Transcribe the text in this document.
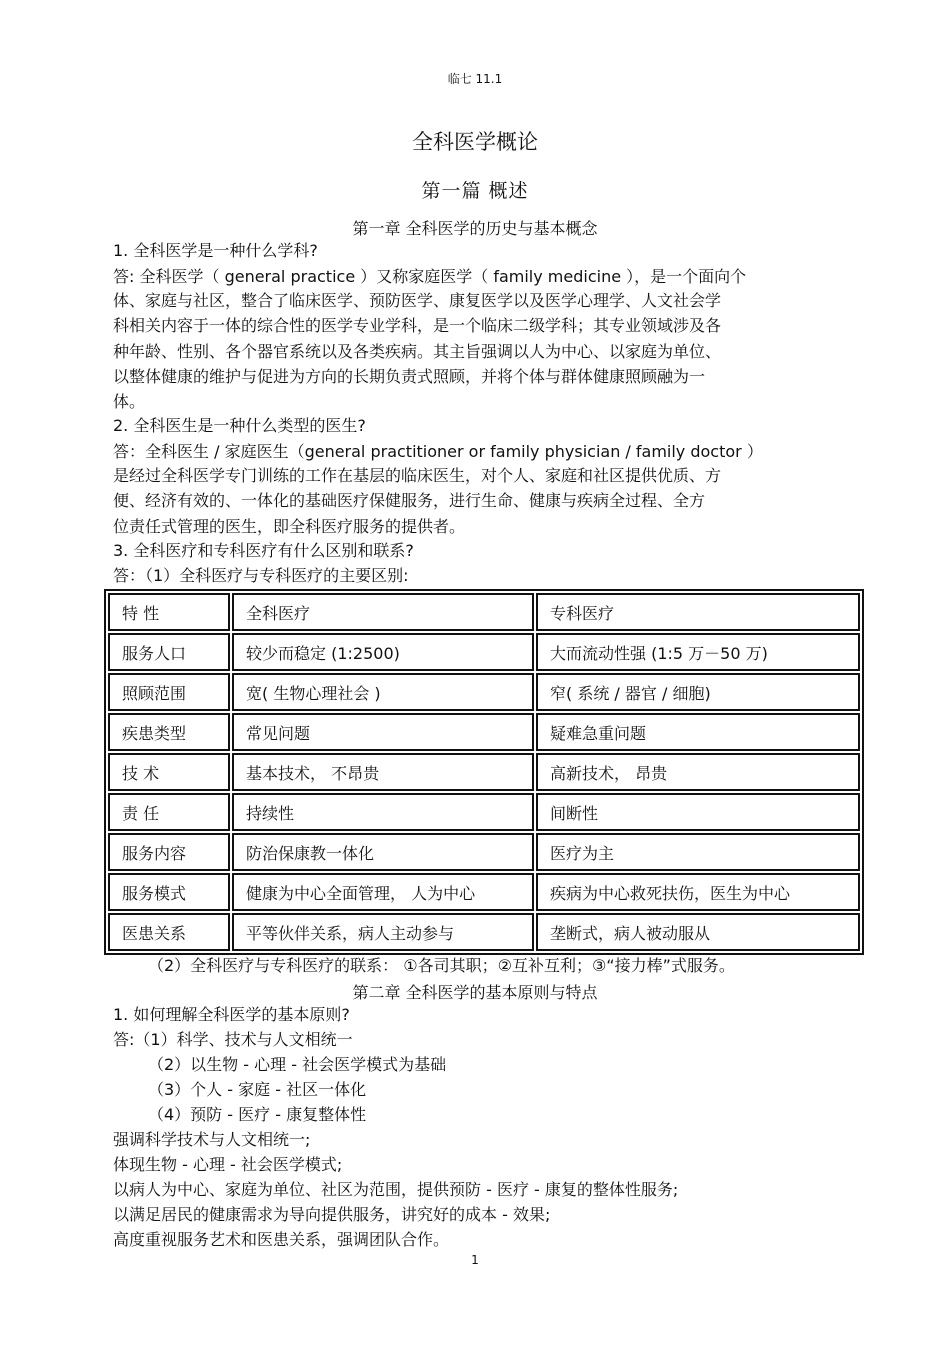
临七 11.1
全科医学概论
第一篇 概述
第一章 全科医学的历史与基本概念
1. 全科医学是一种什么学科?
答: 全科医学（ general practice ）又称家庭医学（ family medicine ），是一个面向个
体、家庭与社区，整合了临床医学、预防医学、康复医学以及医学心理学、人文社会学
科相关内容于一体的综合性的医学专业学科，是一个临床二级学科；其专业领域涉及各
种年龄、性别、各个器官系统以及各类疾病。其主旨强调以人为中心、以家庭为单位、
以整体健康的维护与促进为方向的长期负责式照顾，并将个体与群体健康照顾融为一
体。
2. 全科医生是一种什么类型的医生?
答：全科医生 / 家庭医生（general practitioner or family physician / family doctor ）
是经过全科医学专门训练的工作在基层的临床医生，对个人、家庭和社区提供优质、方
便、经济有效的、一体化的基础医疗保健服务，进行生命、健康与疾病全过程、全方
位责任式管理的医生，即全科医疗服务的提供者。
3. 全科医疗和专科医疗有什么区别和联系?
答：（1）全科医疗与专科医疗的主要区别:
特 性	全科医疗	专科医疗
服务人口	较少而稳定 (1:2500)	大而流动性强 (1:5 万－50 万)
照顾范围	宽( 生物心理社会 )	窄( 系统 / 器官 / 细胞)
疾患类型	常见问题	疑难急重问题
技 术	基本技术， 不昂贵	高新技术， 昂贵
责 任	持续性	间断性
服务内容	防治保康教一体化	医疗为主
服务模式	健康为中心全面管理， 人为中心	疾病为中心救死扶伤，医生为中心
医患关系	平等伙伴关系，病人主动参与	垄断式，病人被动服从
（2）全科医疗与专科医疗的联系： ①各司其职；②互补互利；③“接力棒”式服务。
第二章 全科医学的基本原则与特点
1. 如何理解全科医学的基本原则?
答:（1）科学、技术与人文相统一
（2）以生物 - 心理 - 社会医学模式为基础
（3）个人 - 家庭 - 社区一体化
（4）预防 - 医疗 - 康复整体性
强调科学技术与人文相统一;
体现生物 - 心理 - 社会医学模式;
以病人为中心、家庭为单位、社区为范围，提供预防 - 医疗 - 康复的整体性服务;
以满足居民的健康需求为导向提供服务，讲究好的成本 - 效果;
高度重视服务艺术和医患关系，强调团队合作。
1
